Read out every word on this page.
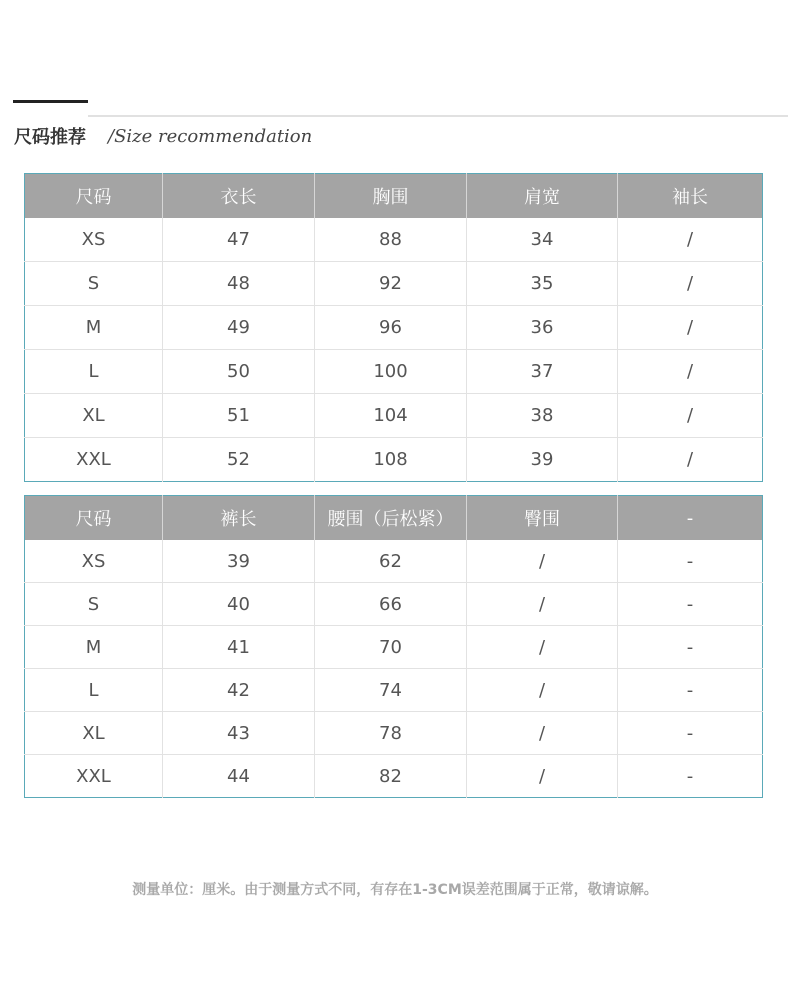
尺码推荐 /Size recommendation
尺码	衣长	胸围	肩宽	袖长
XS	47	88	34	/
S	48	92	35	/
M	49	96	36	/
L	50	100	37	/
XL	51	104	38	/
XXL	52	108	39	/
尺码	裤长	腰围（后松紧）	臀围	-
XS	39	62	/	-
S	40	66	/	-
M	41	70	/	-
L	42	74	/	-
XL	43	78	/	-
XXL	44	82	/	-
测量单位：厘米。由于测量方式不同，有存在1-3CM误差范围属于正常，敬请谅解。
